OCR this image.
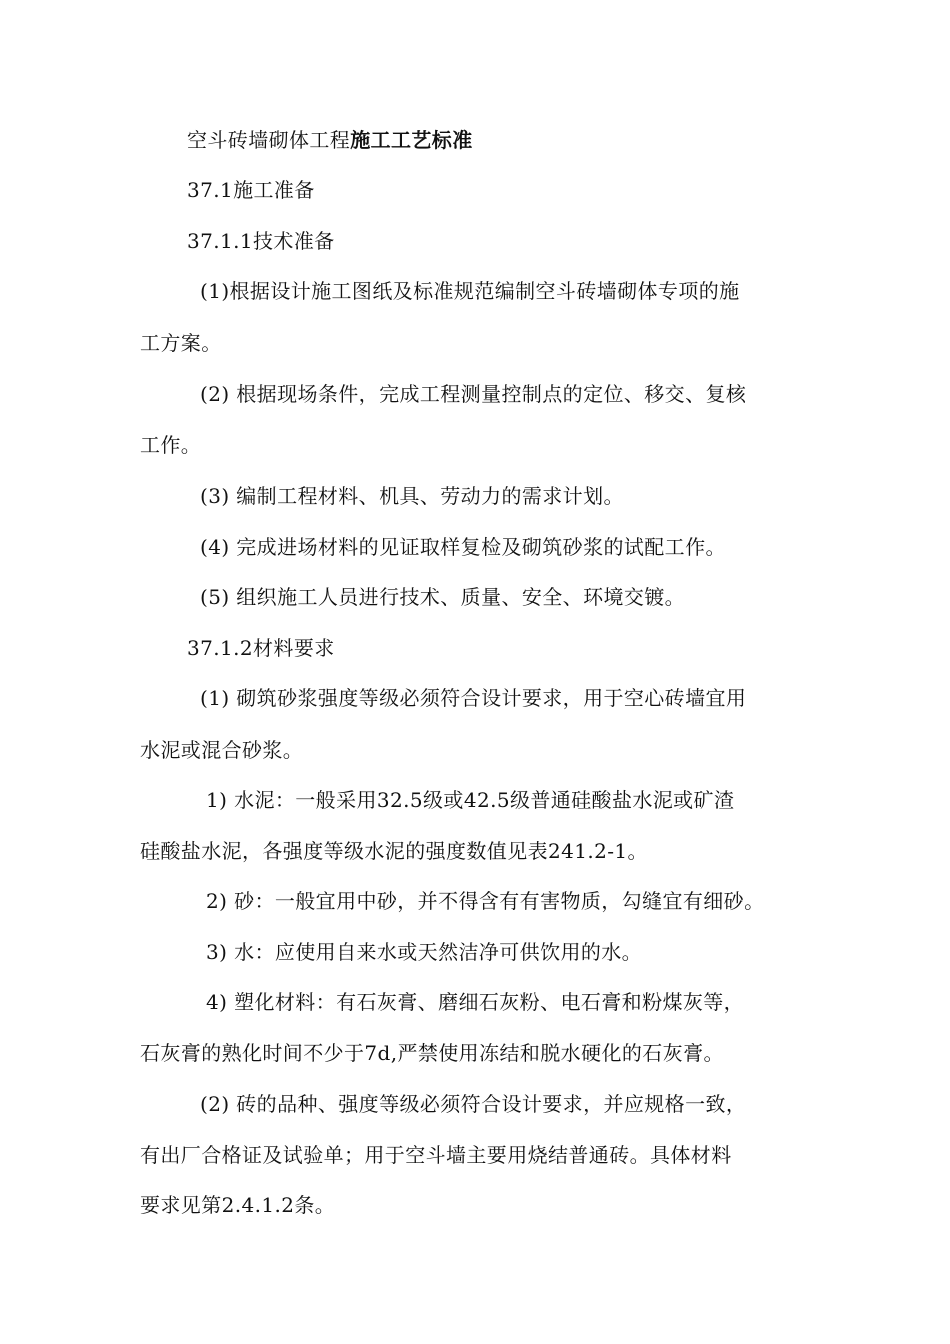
空斗砖墙砌体工程施工工艺标准
37.1施工准备
37.1.1技术准备
(1)根据设计施工图纸及标准规范编制空斗砖墙砌体专项的施
工方案。
(2) 根据现场条件，完成工程测量控制点的定位、移交、复核
工作。
(3) 编制工程材料、机具、劳动力的需求计划。
(4) 完成进场材料的见证取样复检及砌筑砂浆的试配工作。
(5) 组织施工人员进行技术、质量、安全、环境交镀。
37.1.2材料要求
(1) 砌筑砂浆强度等级必须符合设计要求，用于空心砖墙宜用
水泥或混合砂浆。
1) 水泥：一般采用32.5级或42.5级普通硅酸盐水泥或矿渣
硅酸盐水泥，各强度等级水泥的强度数值见表241.2-1。
2) 砂：一般宜用中砂，并不得含有有害物质，勾缝宜有细砂。
3) 水：应使用自来水或天然洁净可供饮用的水。
4) 塑化材料：有石灰膏、磨细石灰粉、电石膏和粉煤灰等，
石灰膏的熟化时间不少于7d,严禁使用冻结和脱水硬化的石灰膏。
(2) 砖的品种、强度等级必须符合设计要求，并应规格一致，
有出厂合格证及试验单；用于空斗墙主要用烧结普通砖。具体材料
要求见第2.4.1.2条。
